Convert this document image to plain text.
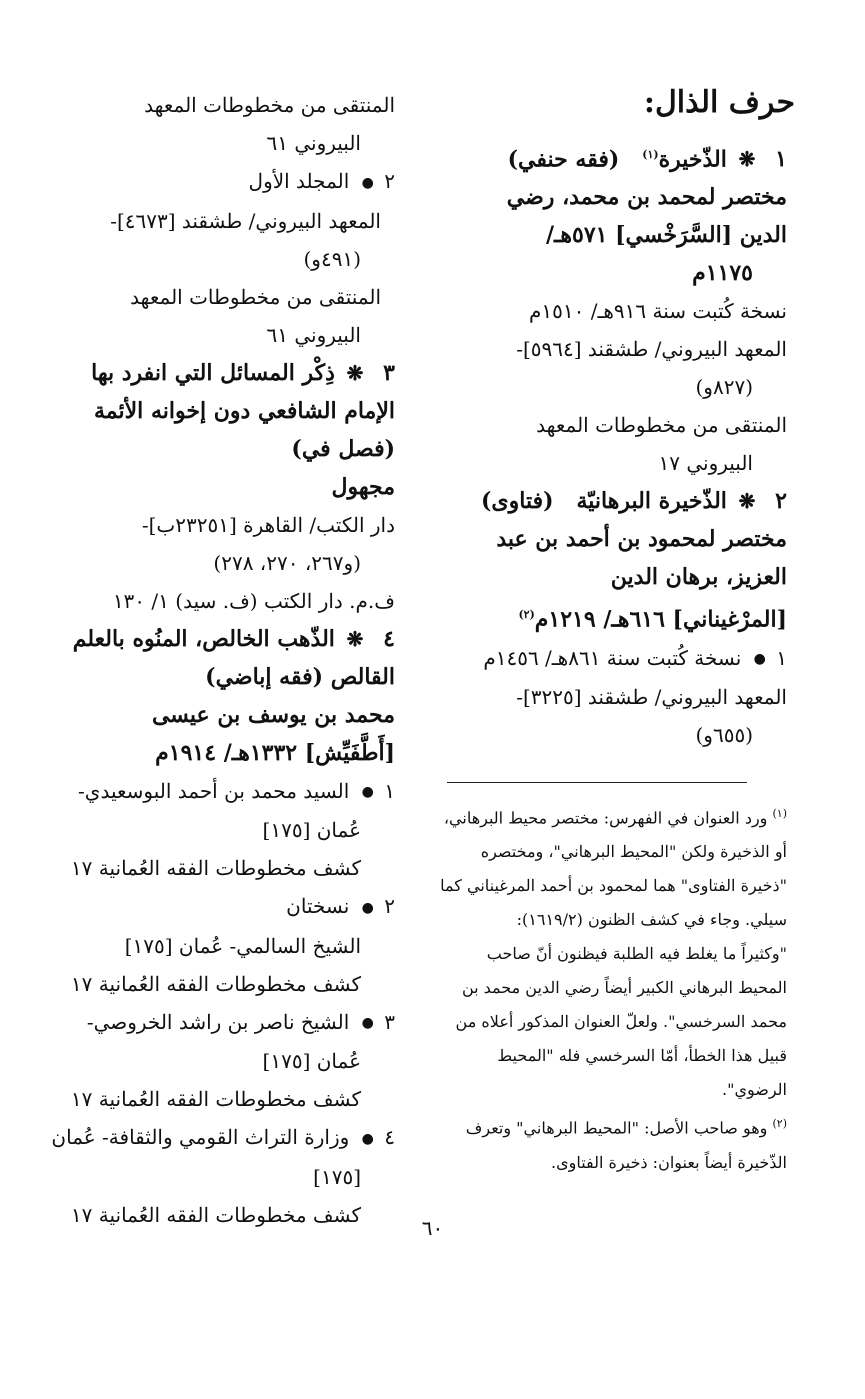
حرف الذال:
١ ❋ الذّخيرة$^{(١)}$   (فقه حنفي)
مختصر لمحمد بن محمد، رضي
الدين [السَّرَخْسي] ٥٧١هـ/
١١٧٥م
نسخة كُتبت سنة ٩١٦هـ/ ١٥١٠م
المعهد البيروني/ طشقند [٥٩٦٤]-
(٨٢٧و)
المنتقى من مخطوطات المعهد
البيروني ١٧
٢ ❋ الذّخيرة البرهانيّة   (فتاوى)
مختصر لمحمود بن أحمد بن عبد
العزيز، برهان الدين
[المرْغيناني] ٦١٦هـ/ ١٢١٩م$^{(٢)}$
١ ● نسخة كُتبت سنة ٨٦١هـ/ ١٤٥٦م
المعهد البيروني/ طشقند [٣٢٢٥]-
(٦٥٥و)
$^{(١)}$ ورد العنوان في الفهرس: مختصر محيط البرهاني،
أو الذخيرة ولكن "المحيط البرهاني"، ومختصره
"ذخيرة الفتاوى" هما لمحمود بن أحمد المرغيناني كما
سيلي. وجاء في كشف الظنون (١٦١٩/٢):
"وكثيراً ما يغلط فيه الطلبة فيظنون أنّ صاحب
المحيط البرهاني الكبير أيضاً رضي الدين محمد بن
محمد السرخسي". ولعلّ العنوان المذكور أعلاه من
قبيل هذا الخطأ، أمّا السرخسي فله "المحيط
الرضوي".
$^{(٢)}$ وهو صاحب الأصل: "المحيط البرهاني" وتعرف
الذّخيرة أيضاً بعنوان: ذخيرة الفتاوى.
المنتقى من مخطوطات المعهد
البيروني ٦١
٢ ● المجلد الأول
المعهد البيروني/ طشقند [٤٦٧٣]-
(٤٩١و)
المنتقى من مخطوطات المعهد
البيروني ٦١
٣ ❋ ذِكْر المسائل التي انفرد بها
الإمام الشافعي دون إخوانه الأئمة
(فصل في)
مجهول
دار الكتب/ القاهرة [٢٣٢٥١ب]-
(و٢٦٧، ٢٧٠، ٢٧٨)
ف.م. دار الكتب (ف. سيد) ١/ ١٣٠
٤ ❋ الذّهب الخالص، المنُوه بالعلم
القالص (فقه إباضي)
محمد بن يوسف بن عيسى
[أَطَّفَيِّش] ١٣٣٢هـ/ ١٩١٤م
١ ● السيد محمد بن أحمد البوسعيدي-
عُمان [١٧٥]
كشف مخطوطات الفقه العُمانية ١٧
٢ ● نسختان
الشيخ السالمي- عُمان [١٧٥]
كشف مخطوطات الفقه العُمانية ١٧
٣ ● الشيخ ناصر بن راشد الخروصي-
عُمان [١٧٥]
كشف مخطوطات الفقه العُمانية ١٧
٤ ● وزارة التراث القومي والثقافة- عُمان
[١٧٥]
كشف مخطوطات الفقه العُمانية ١٧
٦٠
